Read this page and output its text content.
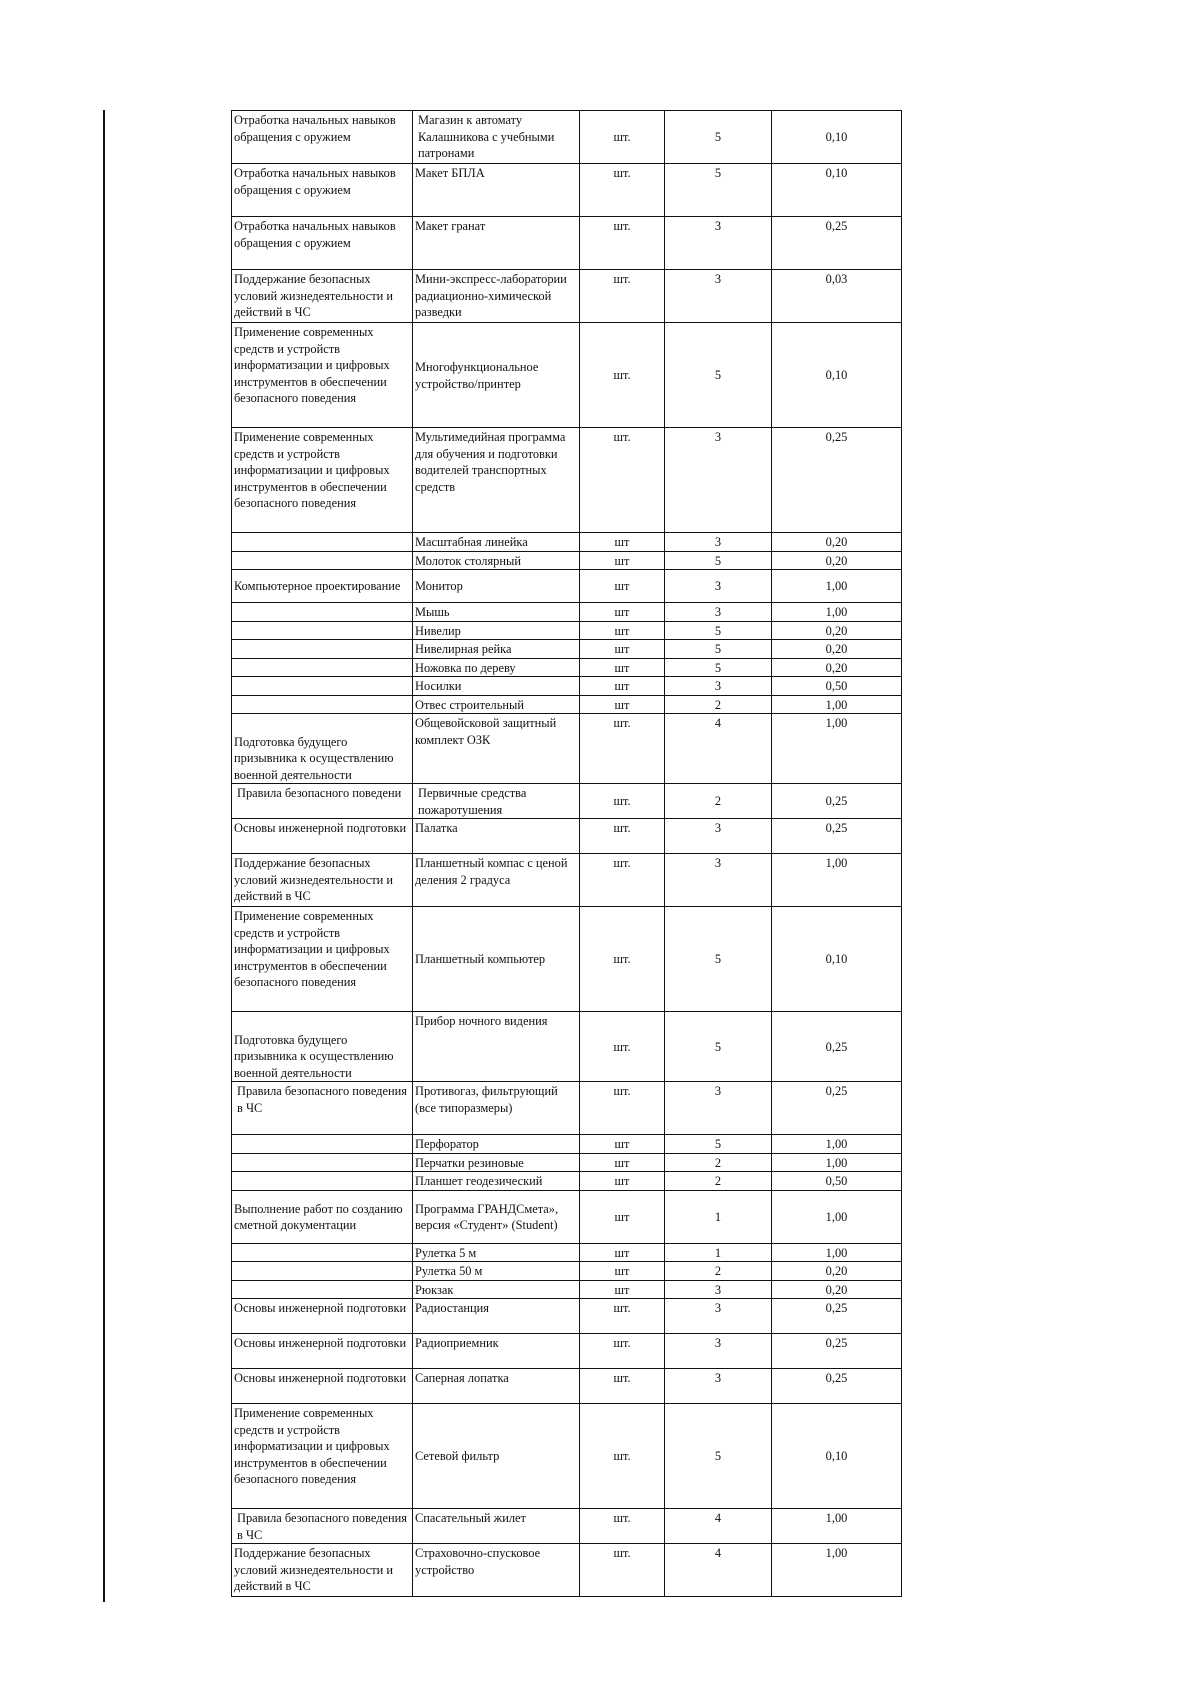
Отработка начальных навыков обращения с оружием	Магазин к автомату Калашникова с учебными патронами	шт.	5	0,10
Отработка начальных навыков обращения с оружием	Макет БПЛА	шт.	5	0,10
Отработка начальных навыков обращения с оружием	Макет гранат	шт.	3	0,25
Поддержание безопасных условий жизнедеятельности и действий в ЧС	Мини-экспресс-лаборатории радиационно-химической разведки	шт.	3	0,03
Применение современных средств и устройств информатизации и цифровых инструментов в обеспечении безопасного поведения	Многофункциональное устройство/принтер	шт.	5	0,10
Применение современных средств и устройств информатизации и цифровых инструментов в обеспечении безопасного поведения	Мультимедийная программа для обучения и подготовки водителей транспортных средств	шт.	3	0,25
	Масштабная линейка	шт	3	0,20
	Молоток столярный	шт	5	0,20
Компьютерное проектирование	Монитор	шт	3	1,00
	Мышь	шт	3	1,00
	Нивелир	шт	5	0,20
	Нивелирная рейка	шт	5	0,20
	Ножовка по дереву	шт	5	0,20
	Носилки	шт	3	0,50
	Отвес строительный	шт	2	1,00
Подготовка будущего призывника к осуществлению военной деятельности	Общевойсковой защитный комплект ОЗК	шт.	4	1,00
Правила безопасного поведени	Первичные средства пожаротушения	шт.	2	0,25
Основы инженерной подготовки	Палатка	шт.	3	0,25
Поддержание безопасных условий жизнедеятельности и действий в ЧС	Планшетный компас с ценой деления 2 градуса	шт.	3	1,00
Применение современных средств и устройств информатизации и цифровых инструментов в обеспечении безопасного поведения	Планшетный компьютер	шт.	5	0,10
Подготовка будущего призывника к осуществлению военной деятельности	Прибор ночного видения	шт.	5	0,25
Правила безопасного поведения в ЧС	Противогаз, фильтрующий (все типоразмеры)	шт.	3	0,25
	Перфоратор	шт	5	1,00
	Перчатки резиновые	шт	2	1,00
	Планшет геодезический	шт	2	0,50
Выполнение работ по созданию сметной документации	Программа ГРАНДСмета», версия «Студент» (Student)	шт	1	1,00
	Рулетка 5 м	шт	1	1,00
	Рулетка 50 м	шт	2	0,20
	Рюкзак	шт	3	0,20
Основы инженерной подготовки	Радиостанция	шт.	3	0,25
Основы инженерной подготовки	Радиоприемник	шт.	3	0,25
Основы инженерной подготовки	Саперная лопатка	шт.	3	0,25
Применение современных средств и устройств информатизации и цифровых инструментов в обеспечении безопасного поведения	Сетевой фильтр	шт.	5	0,10
Правила безопасного поведения в ЧС	Спасательный жилет	шт.	4	1,00
Поддержание безопасных условий жизнедеятельности и действий в ЧС	Страховочно-спусковое устройство	шт.	4	1,00
